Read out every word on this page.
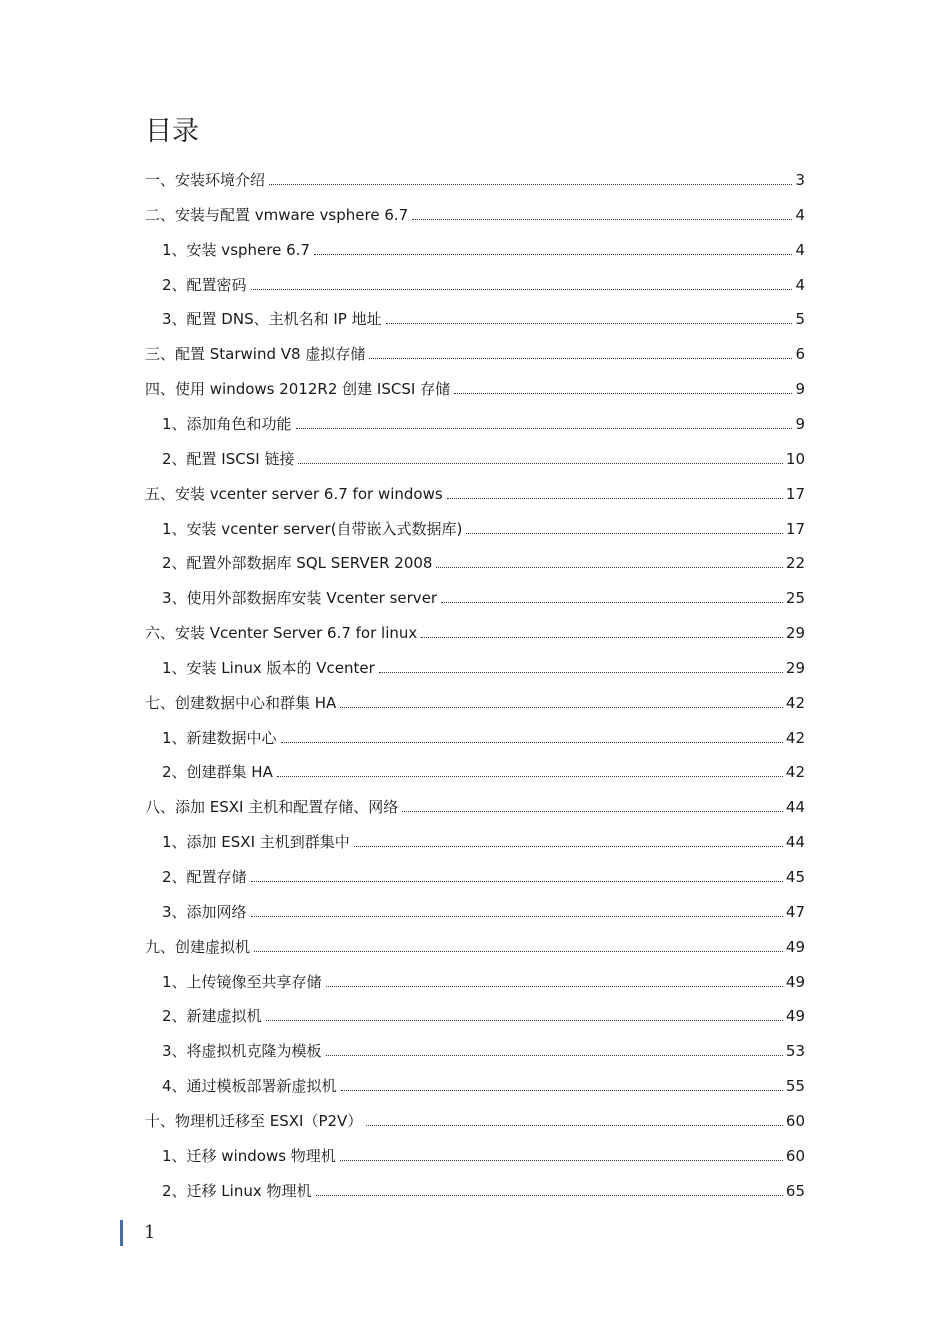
目录
一、安装环境介绍	3
二、安装与配置 vmware vsphere 6.7	4
1、安装 vsphere 6.7	4
2、配置密码	4
3、配置 DNS、主机名和 IP 地址	5
三、配置 Starwind V8 虚拟存储	6
四、使用 windows 2012R2 创建 ISCSI 存储	9
1、添加角色和功能	9
2、配置 ISCSI 链接	10
五、安装 vcenter server 6.7 for windows	17
1、安装 vcenter server(自带嵌入式数据库)	17
2、配置外部数据库 SQL SERVER 2008	22
3、使用外部数据库安装 Vcenter server	25
六、安装 Vcenter Server 6.7 for linux	29
1、安装 Linux 版本的 Vcenter	29
七、创建数据中心和群集 HA	42
1、新建数据中心	42
2、创建群集 HA	42
八、添加 ESXI 主机和配置存储、网络	44
1、添加 ESXI 主机到群集中	44
2、配置存储	45
3、添加网络	47
九、创建虚拟机	49
1、上传镜像至共享存储	49
2、新建虚拟机	49
3、将虚拟机克隆为模板	53
4、通过模板部署新虚拟机	55
十、物理机迁移至 ESXI（P2V）	60
1、迁移 windows 物理机	60
2、迁移 Linux 物理机	65
1
